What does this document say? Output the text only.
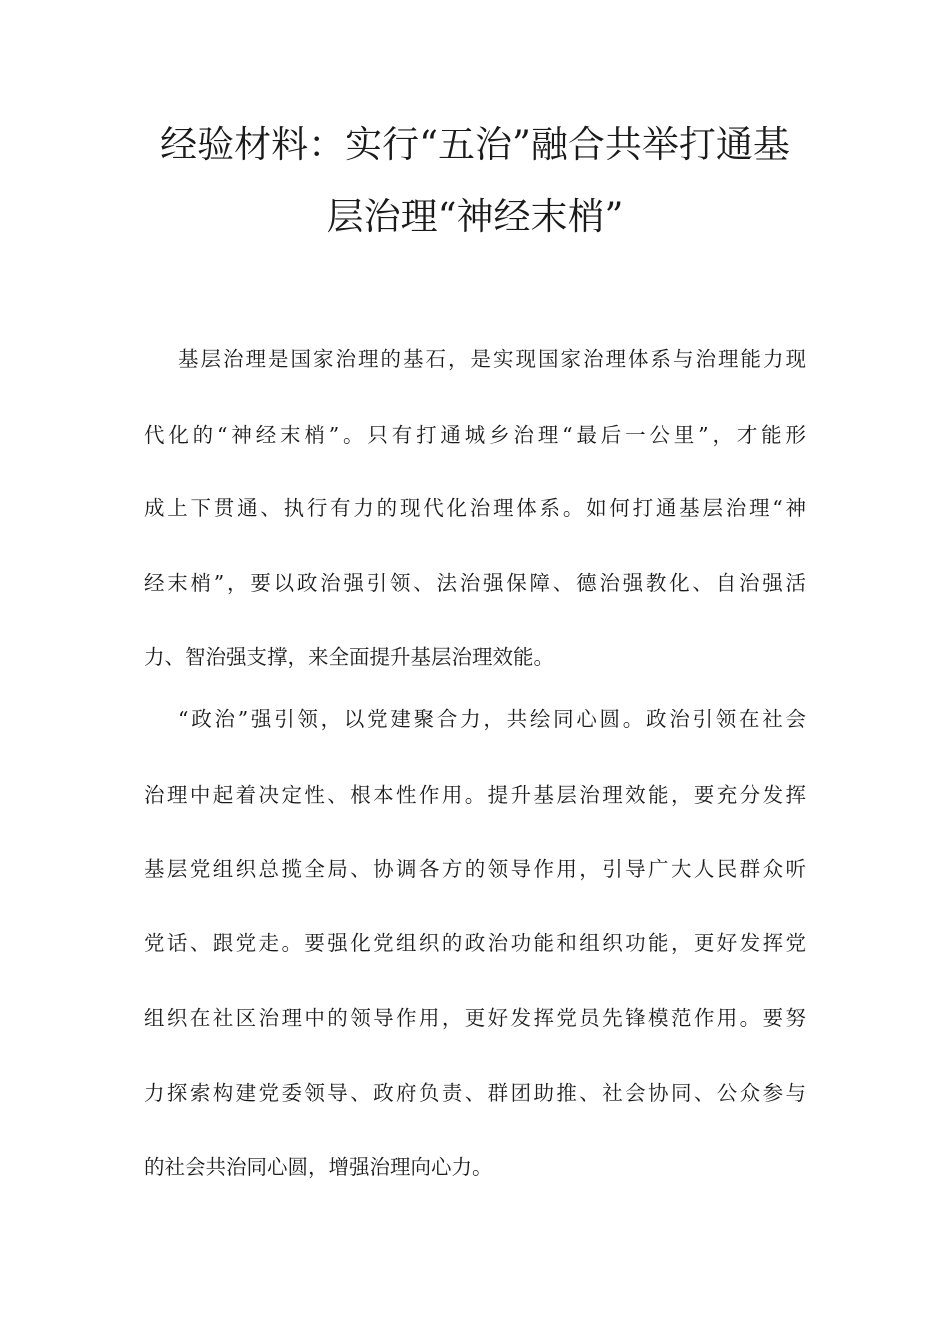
经验材料：实行“五治”融合共举打通基
层治理“神经末梢”
基层治理是国家治理的基石，是实现国家治理体系与治理能力现
代化的“神经末梢”。只有打通城乡治理“最后一公里”，才能形
成上下贯通、执行有力的现代化治理体系。如何打通基层治理“神
经末梢”，要以政治强引领、法治强保障、德治强教化、自治强活
力、智治强支撑，来全面提升基层治理效能。
“政治”强引领，以党建聚合力，共绘同心圆。政治引领在社会
治理中起着决定性、根本性作用。提升基层治理效能，要充分发挥
基层党组织总揽全局、协调各方的领导作用，引导广大人民群众听
党话、跟党走。要强化党组织的政治功能和组织功能，更好发挥党
组织在社区治理中的领导作用，更好发挥党员先锋模范作用。要努
力探索构建党委领导、政府负责、群团助推、社会协同、公众参与
的社会共治同心圆，增强治理向心力。
